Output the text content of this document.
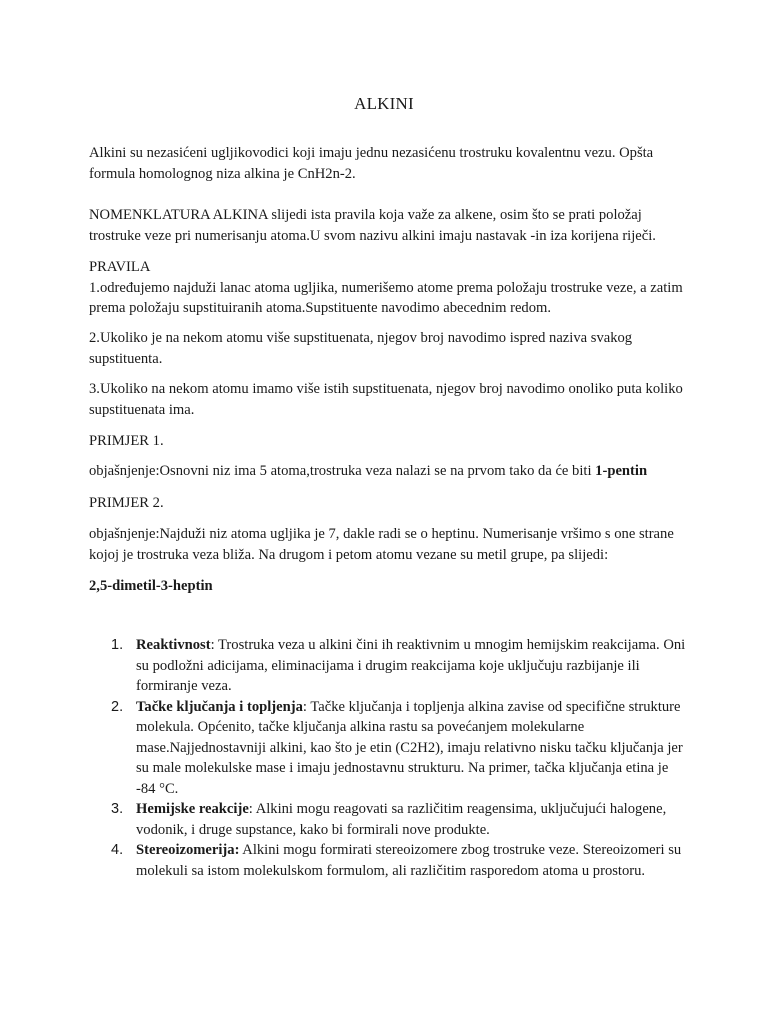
ALKINI

Alkini su nezasićeni ugljikovodici koji imaju jednu nezasićenu trostruku kovalentnu vezu. Opšta formula homolognog niza alkina je CnH2n-2.

NOMENKLATURA ALKINA slijedi ista pravila koja važe za alkene, osim što se prati položaj trostruke veze pri numerisanju atoma.U svom nazivu alkini imaju nastavak -in iza korijena riječi.

PRAVILA
1.određujemo najduži lanac atoma ugljika, numerišemo atome prema položaju trostruke veze, a zatim prema položaju supstituiranih atoma.Supstituente navodimo abecednim redom.

2.Ukoliko je na nekom atomu više supstituenata, njegov broj navodimo ispred naziva svakog supstituenta.

3.Ukoliko na nekom atomu imamo više istih supstituenata, njegov broj navodimo onoliko puta koliko supstituenata ima.

PRIMJER 1.

objašnjenje:Osnovni niz ima 5 atoma,trostruka veza nalazi se na prvom tako da će biti 1-pentin

PRIMJER 2.

objašnjenje:Najduži niz atoma ugljika je 7, dakle radi se o heptinu. Numerisanje vršimo s one strane kojoj je trostruka veza bliža. Na drugom i petom atomu vezane su metil grupe, pa slijedi:

2,5-dimetil-3-heptin

1. Reaktivnost: Trostruka veza u alkini čini ih reaktivnim u mnogim hemijskim reakcijama. Oni su podložni adicijama, eliminacijama i drugim reakcijama koje uključuju razbijanje ili formiranje veza.
2. Tačke ključanja i topljenja: Tačke ključanja i topljenja alkina zavise od specifične strukture molekula. Općenito, tačke ključanja alkina rastu sa povećanjem molekularne mase.Najjednostavniji alkini, kao što je etin (C2H2), imaju relativno nisku tačku ključanja jer su male molekulske mase i imaju jednostavnu strukturu. Na primer, tačka ključanja etina je -84 °C.
3. Hemijske reakcije: Alkini mogu reagovati sa različitim reagensima, uključujući halogene, vodonik, i druge supstance, kako bi formirali nove produkte.
4. Stereoizomerija: Alkini mogu formirati stereoizomere zbog trostruke veze. Stereoizomeri su molekuli sa istom molekulskom formulom, ali različitim rasporedom atoma u prostoru.
